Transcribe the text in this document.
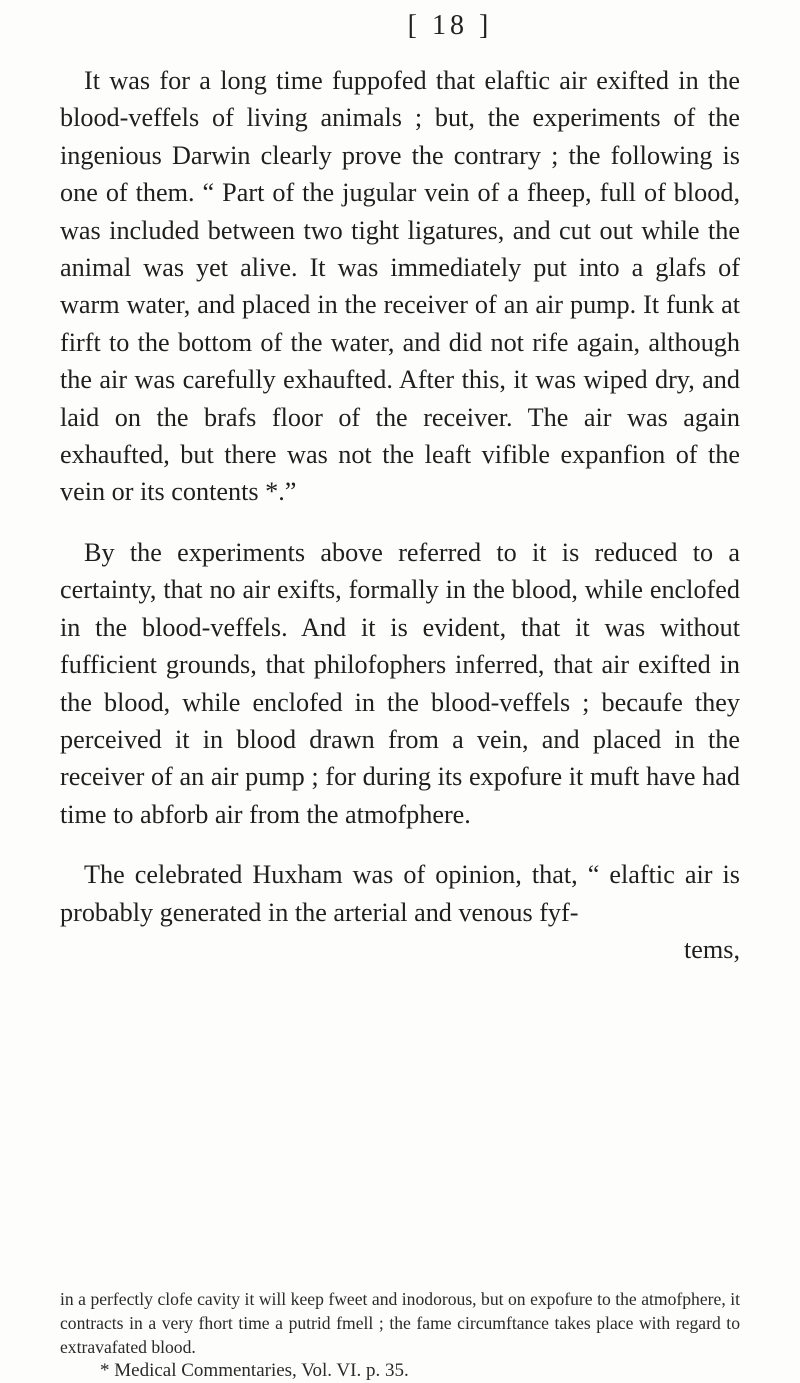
[ 18 ]

It was for a long time fuppofed that elaftic air exifted in the blood-veffels of living animals ; but, the experiments of the ingenious Darwin clearly prove the contrary ; the following is one of them. “ Part of the jugular vein of a fheep, full of blood, was included between two tight ligatures, and cut out while the animal was yet alive. It was immediately put into a glafs of warm water, and placed in the receiver of an air pump. It funk at firft to the bottom of the water, and did not rife again, although the air was carefully exhaufted. After this, it was wiped dry, and laid on the brafs floor of the receiver. The air was again exhaufted, but there was not the leaft vifible expanfion of the vein or its contents *.”

By the experiments above referred to it is reduced to a certainty, that no air exifts, formally in the blood, while enclofed in the blood-veffels. And it is evident, that it was without fufficient grounds, that philofophers inferred, that air exifted in the blood, while enclofed in the blood-veffels ; becaufe they perceived it in blood drawn from a vein, and placed in the receiver of an air pump ; for during its expofure it muft have had time to abforb air from the atmofphere.

The celebrated Huxham was of opinion, that, “ elaftic air is probably generated in the arterial and venous fyf-

tems,

in a perfectly clofe cavity it will keep fweet and inodorous, but on expofure to the atmofphere, it contracts in a very fhort time a putrid fmell ; the fame circumftance takes place with regard to extravafated blood.

* Medical Commentaries, Vol. VI. p. 35.
